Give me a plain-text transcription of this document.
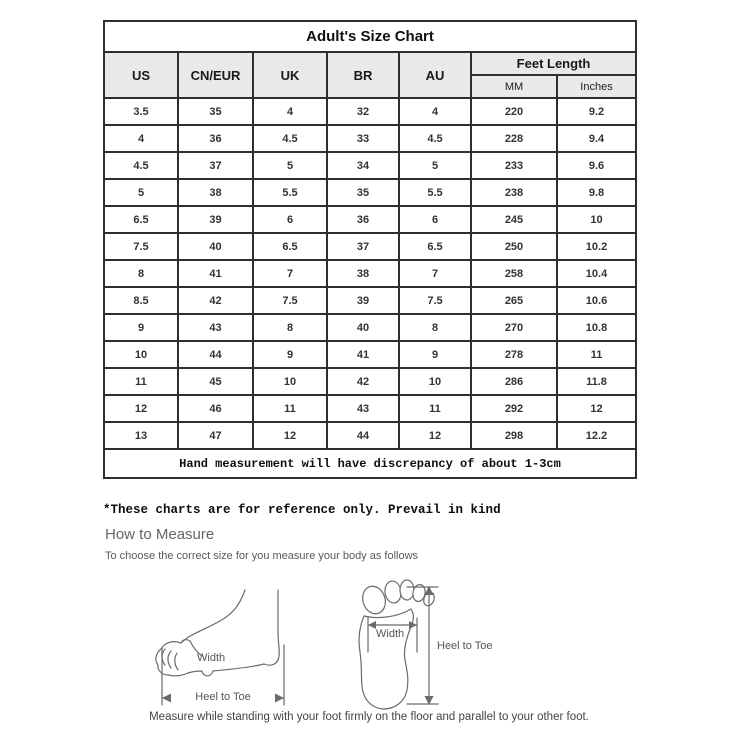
Adult's Size Chart						
US	CN/EUR	UK	BR	AU	Feet Length	
					MM	Inches
3.5	35	4	32	4	220	9.2
4	36	4.5	33	4.5	228	9.4
4.5	37	5	34	5	233	9.6
5	38	5.5	35	5.5	238	9.8
6.5	39	6	36	6	245	10
7.5	40	6.5	37	6.5	250	10.2
8	41	7	38	7	258	10.4
8.5	42	7.5	39	7.5	265	10.6
9	43	8	40	8	270	10.8
10	44	9	41	9	278	11
11	45	10	42	10	286	11.8
12	46	11	43	11	292	12
13	47	12	44	12	298	12.2
Hand measurement will have discrepancy of about 1-3cm						
*These charts are for reference only. Prevail in kind
How to Measure
To choose the correct size for you measure your body as follows
Width
Heel to Toe
Width
Heel to Toe
Measure while standing with your foot firmly on the floor and parallel to your other foot.
